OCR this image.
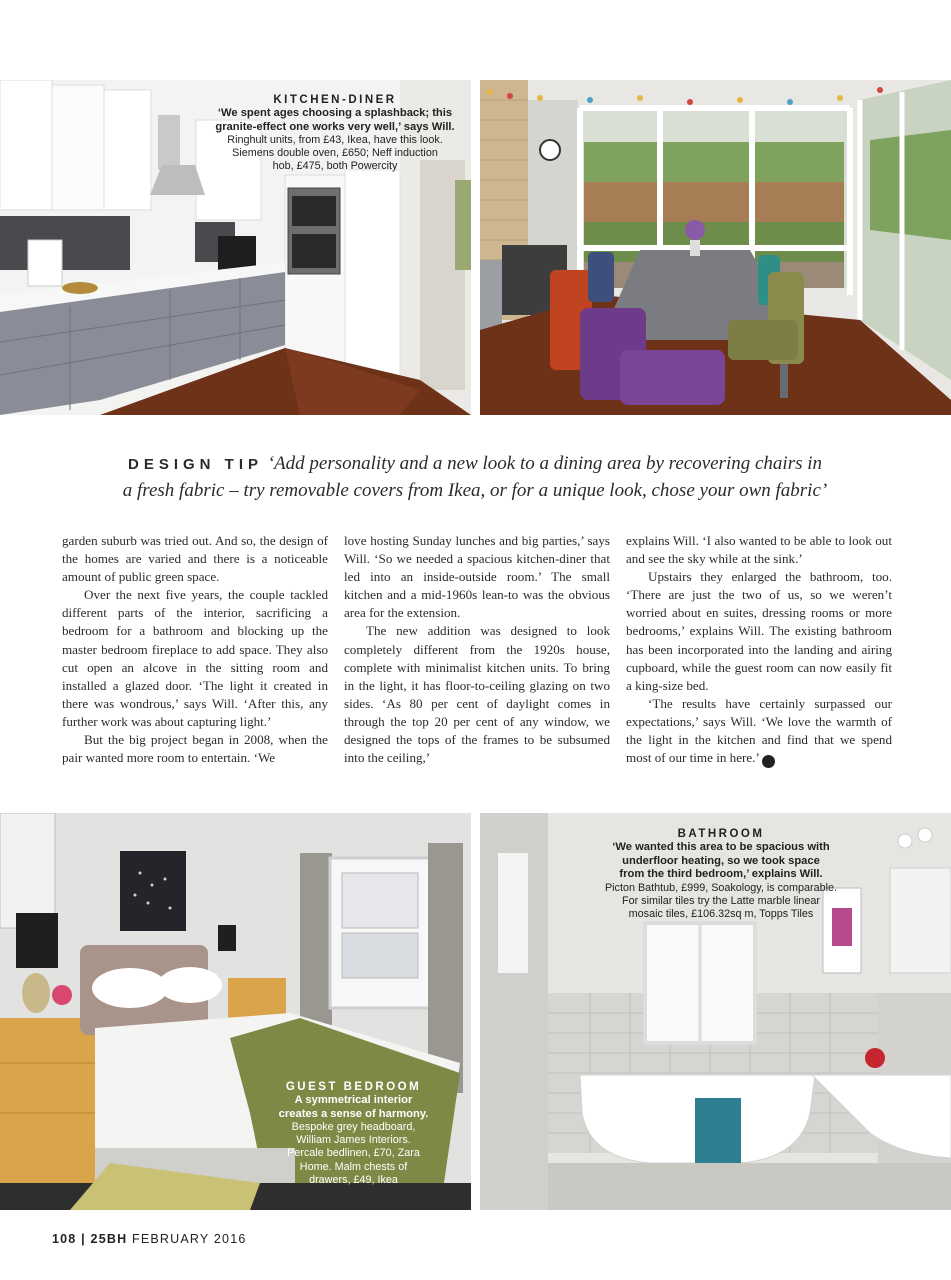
KITCHEN-DINER
‘We spent ages choosing a splashback; this
granite-effect one works very well,’ says Will.
Ringhult units, from £43, Ikea, have this look.
Siemens double oven, £650; Neff induction
hob, £475, both Powercity
DESIGN TIP ‘Add personality and a new look to a dining area by recovering chairs in
a fresh fabric – try removable covers from Ikea, or for a unique look, chose your own fabric’

garden suburb was tried out. And so, the design of the homes are varied and there is a noticeable amount of public green space.

Over the next five years, the couple tackled different parts of the interior, sacrificing a bedroom for a bathroom and blocking up the master bedroom fireplace to add space. They also cut open an alcove in the sitting room and installed a glazed door. ‘The light it created in there was wondrous,’ says Will. ‘After this, any further work was about capturing light.’

But the big project began in 2008, when the pair wanted more room to entertain. ‘We

love hosting Sunday lunches and big parties,’ says Will. ‘So we needed a spacious kitchen-diner that led into an inside-outside room.’ The small kitchen and a mid-1960s lean-to was the obvious area for the extension.

The new addition was designed to look completely different from the 1920s house, complete with minimalist kitchen units. To bring in the light, it has floor-to-ceiling glazing on two sides. ‘As 80 per cent of daylight comes in through the top 20 per cent of any window, we designed the tops of the frames to be subsumed into the ceiling,’

explains Will. ‘I also wanted to be able to look out and see the sky while at the sink.’

Upstairs they enlarged the bathroom, too. ‘There are just the two of us, so we weren’t worried about en suites, dressing rooms or more bedrooms,’ explains Will. The existing bathroom has been incorporated into the landing and airing cupboard, while the guest room can now easily fit a king-size bed.

‘The results have certainly surpassed our expectations,’ says Will. ‘We love the warmth of the light in the kitchen and find that we spend most of our time in here.’	25

GUEST BEDROOM
A symmetrical interior
creates a sense of harmony.
Bespoke grey headboard,
William James Interiors.
Percale bedlinen, £70, Zara
Home. Malm chests of
drawers, £49, Ikea
BATHROOM
‘We wanted this area to be spacious with
underfloor heating, so we took space
from the third bedroom,’ explains Will.
Picton Bathtub, £999, Soakology, is comparable.
For similar tiles try the Latte marble linear
mosaic tiles, £106.32sq m, Topps Tiles
108 | 25BH FEBRUARY 2016
